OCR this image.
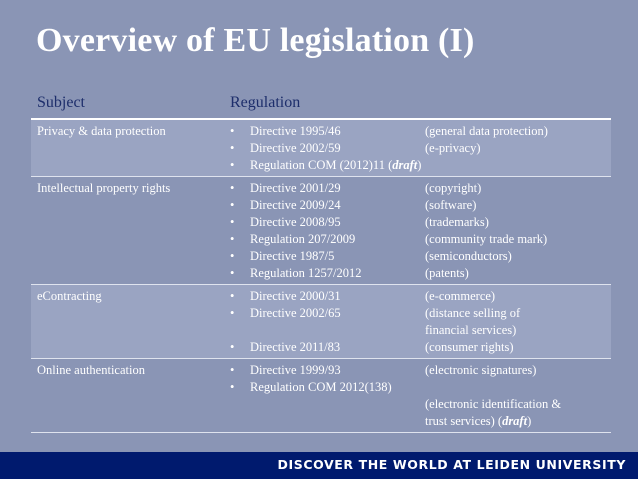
Overview of EU legislation (I)
Subject	Regulation
Privacy & data protection	•	Directive 1995/46	(general data protection)
•	Directive 2002/59	(e-privacy)
•	Regulation COM (2012)11 (draft)
Intellectual property rights	•	Directive 2001/29	(copyright)
•	Directive 2009/24	(software)
•	Directive 2008/95	(trademarks)
•	Regulation 207/2009	(community trade mark)
•	Directive 1987/5	(semiconductors)
•	Regulation 1257/2012	(patents)
eContracting	•	Directive 2000/31	(e-commerce)
•	Directive 2002/65	(distance selling of
financial services)
•	Directive 2011/83	(consumer rights)
Online authentication	•	Directive 1999/93	(electronic signatures)
•	Regulation COM 2012(138)
(electronic identification &
trust services) (draft)
DISCOVER THE WORLD AT LEIDEN UNIVERSITY
